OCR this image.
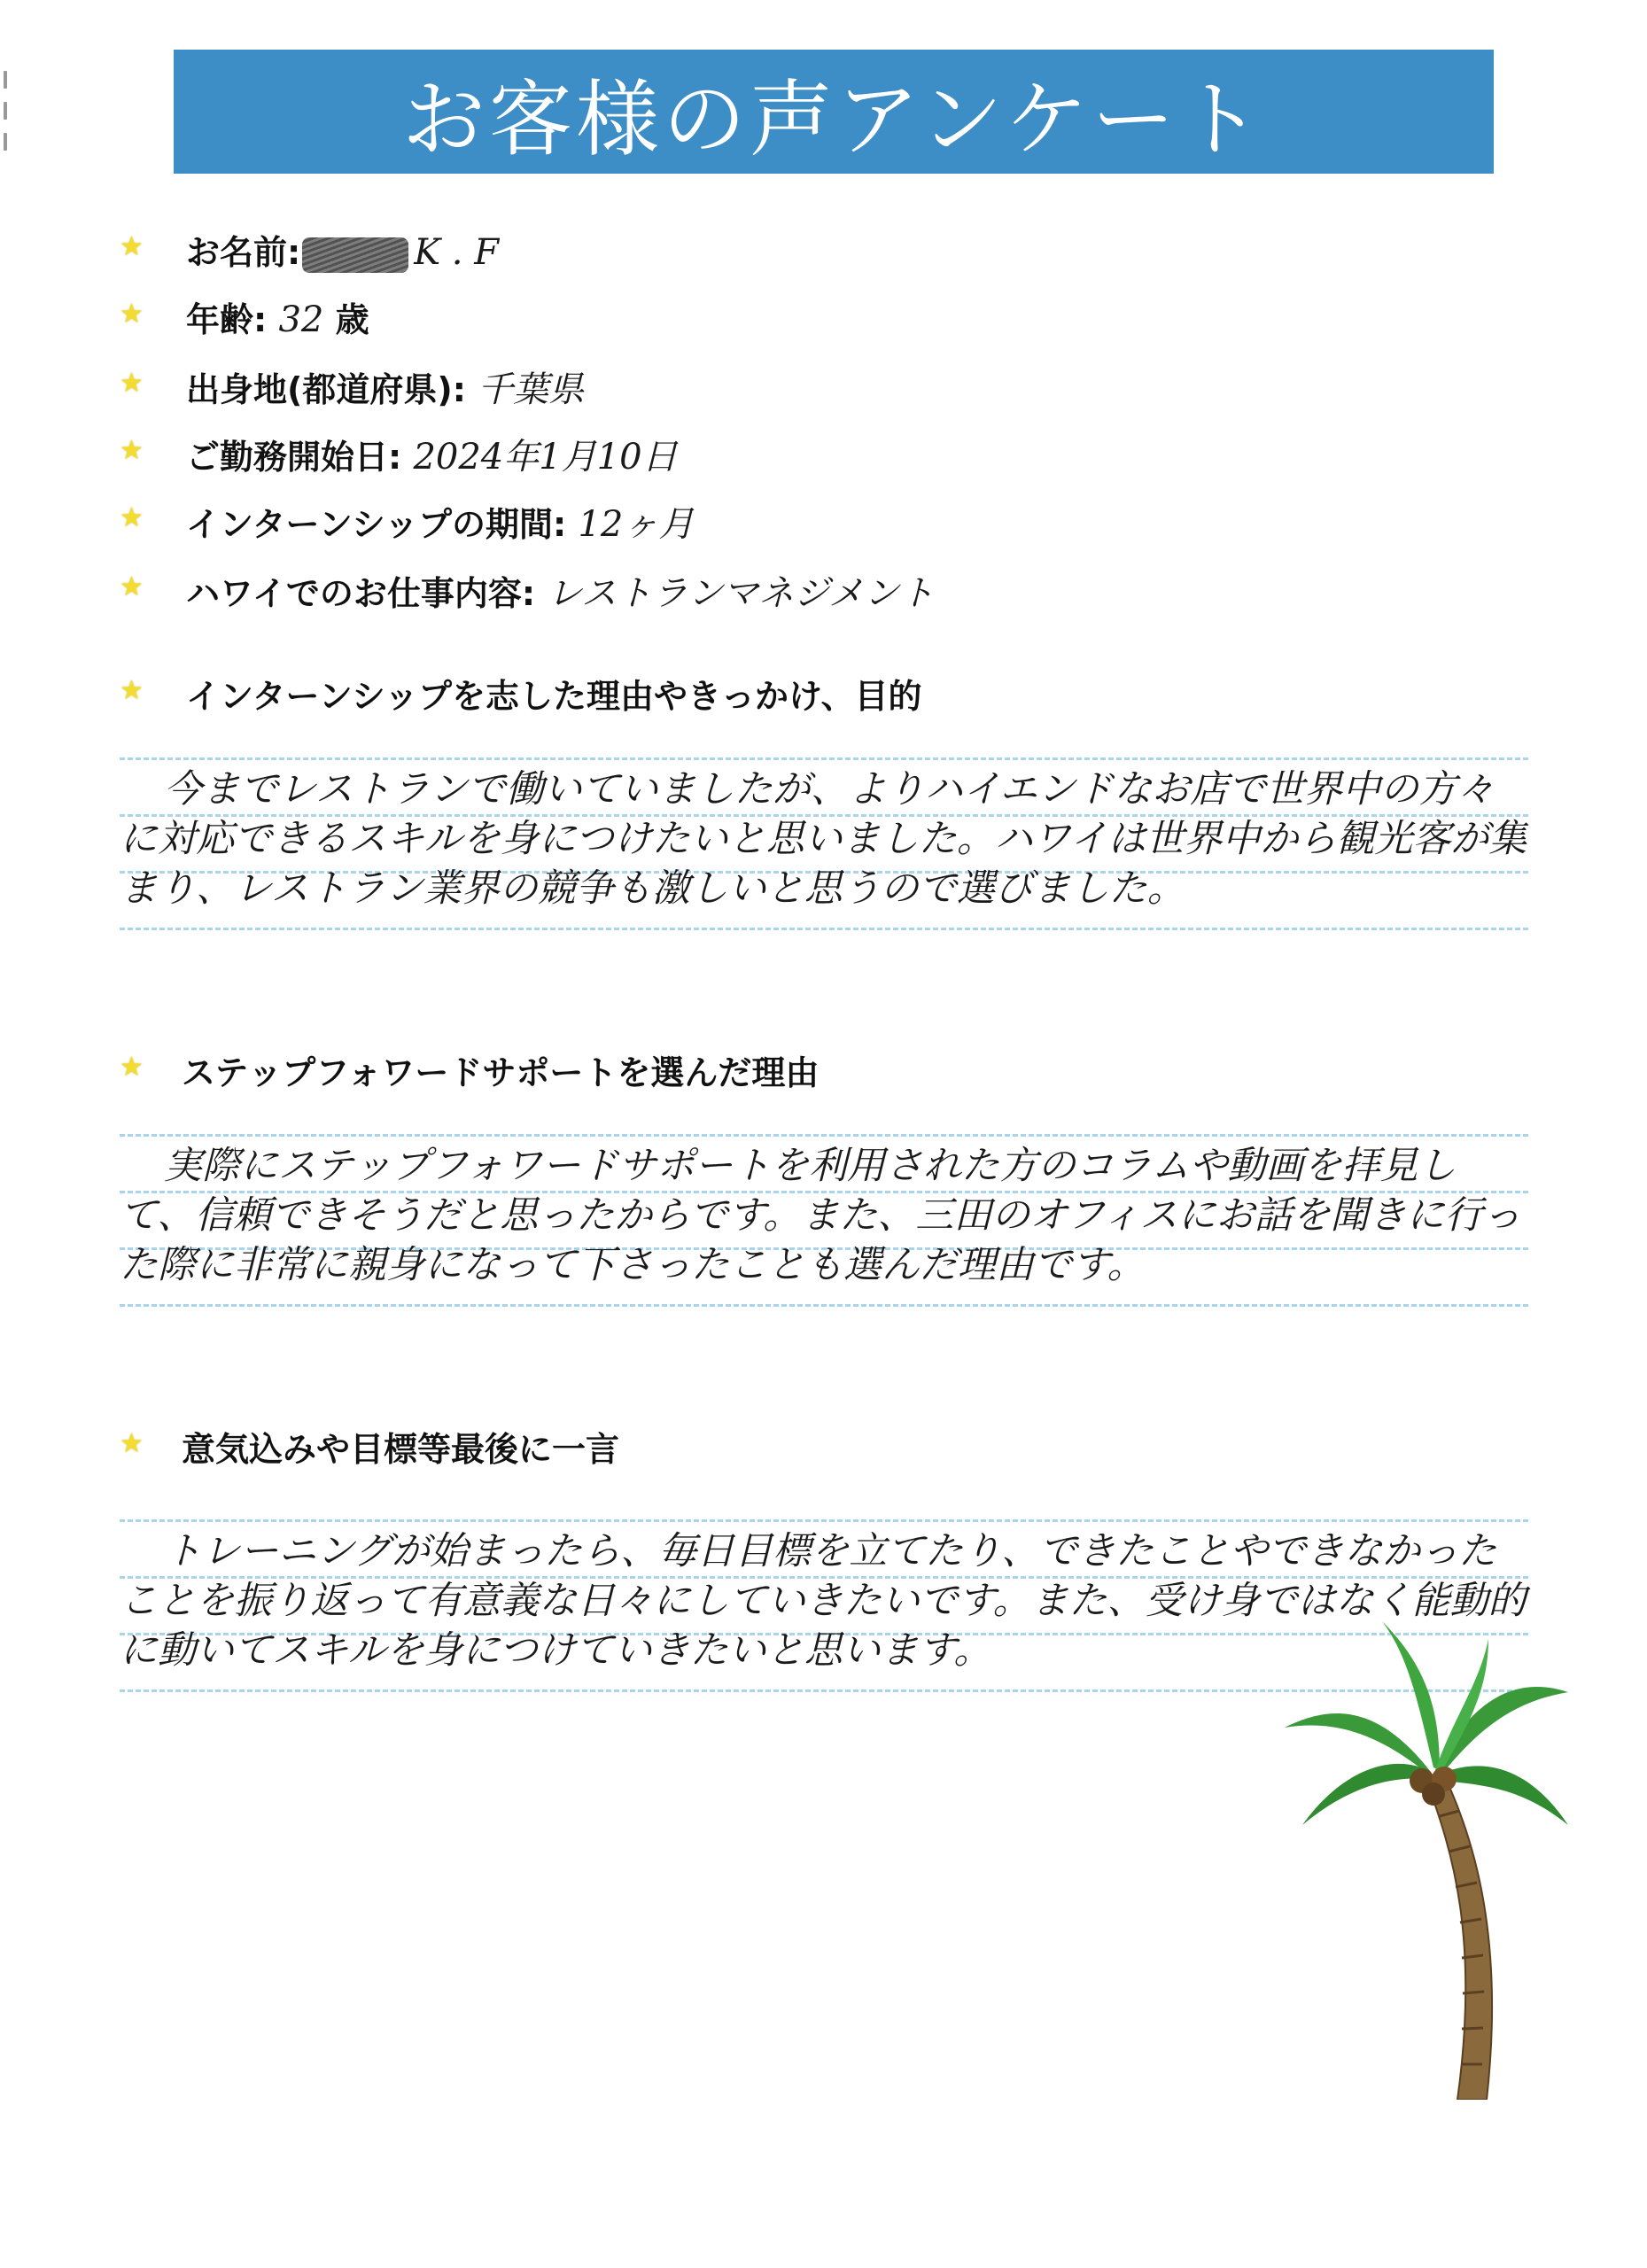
お客様の声アンケート
★ お名前:	K . F
★ 年齢: 32 歳
★ 出身地(都道府県): 千葉県
★ ご勤務開始日: 2024年1月10日
★ インターンシップの期間: 12ヶ月
★ ハワイでのお仕事内容: レストランマネジメント
★ インターンシップを志した理由やきっかけ、目的
今までレストランで働いていましたが、よりハイエンドなお店で世界中の方々に対応できるスキルを身につけたいと思いました。ハワイは世界中から観光客が集まり、レストラン業界の競争も激しいと思うので選びました。
★ ステップフォワードサポートを選んだ理由
実際にステップフォワードサポートを利用された方のコラムや動画を拝見して、信頼できそうだと思ったからです。また、三田のオフィスにお話を聞きに行った際に非常に親身になって下さったことも選んだ理由です。
★ 意気込みや目標等最後に一言
トレーニングが始まったら、毎日目標を立てたり、できたことやできなかったことを振り返って有意義な日々にしていきたいです。また、受け身ではなく能動的に動いてスキルを身につけていきたいと思います。
